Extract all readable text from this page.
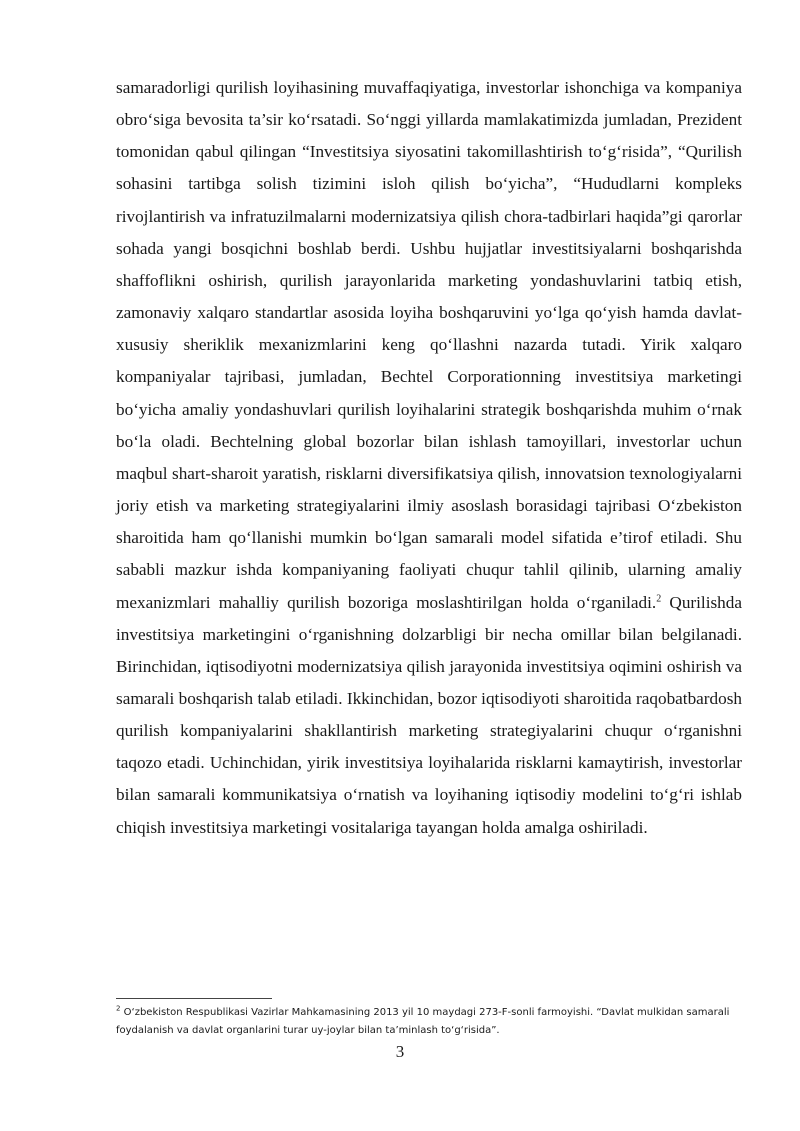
samaradorligi qurilish loyihasining muvaffaqiyatiga, investorlar ishonchiga va kompaniya obro‘siga bevosita ta’sir ko‘rsatadi. So‘nggi yillarda mamlakatimizda jumladan, Prezident tomonidan qabul qilingan “Investitsiya siyosatini takomillashtirish to‘g‘risida”, “Qurilish sohasini tartibga solish tizimini isloh qilish bo‘yicha”, “Hududlarni kompleks rivojlantirish va infratuzilmalarni modernizatsiya qilish chora-tadbirlari haqida”gi qarorlar sohada yangi bosqichni boshlab berdi. Ushbu hujjatlar investitsiyalarni boshqarishda shaffoflikni oshirish, qurilish jarayonlarida marketing yondashuvlarini tatbiq etish, zamonaviy xalqaro standartlar asosida loyiha boshqaruvini yo‘lga qo‘yish hamda davlat-xususiy sheriklik mexanizmlarini keng qo‘llashni nazarda tutadi. Yirik xalqaro kompaniyalar tajribasi, jumladan, Bechtel Corporationning investitsiya marketingi bo‘yicha amaliy yondashuvlari qurilish loyihalarini strategik boshqarishda muhim o‘rnak bo‘la oladi. Bechtelning global bozorlar bilan ishlash tamoyillari, investorlar uchun maqbul shart-sharoit yaratish, risklarni diversifikatsiya qilish, innovatsion texnologiyalarni joriy etish va marketing strategiyalarini ilmiy asoslash borasidagi tajribasi O‘zbekiston sharoitida ham qo‘llanishi mumkin bo‘lgan samarali model sifatida e’tirof etiladi. Shu sababli mazkur ishda kompaniyaning faoliyati chuqur tahlil qilinib, ularning amaliy mexanizmlari mahalliy qurilish bozoriga moslashtirilgan holda o‘rganiladi.$^2$ Qurilishda investitsiya marketingini o‘rganishning dolzarbligi bir necha omillar bilan belgilanadi. Birinchidan, iqtisodiyotni modernizatsiya qilish jarayonida investitsiya oqimini oshirish va samarali boshqarish talab etiladi. Ikkinchidan, bozor iqtisodiyoti sharoitida raqobatbardosh qurilish kompaniyalarini shakllantirish marketing strategiyalarini chuqur o‘rganishni taqozo etadi. Uchinchidan, yirik investitsiya loyihalarida risklarni kamaytirish, investorlar bilan samarali kommunikatsiya o‘rnatish va loyihaning iqtisodiy modelini to‘g‘ri ishlab chiqish investitsiya marketingi vositalariga tayangan holda amalga oshiriladi.

$^2$ O‘zbekiston Respublikasi Vazirlar Mahkamasining 2013 yil 10 maydagi 273-F-sonli farmoyishi. “Davlat mulkidan samarali foydalanish va davlat organlarini turar uy-joylar bilan ta’minlash to‘g‘risida”.

3
